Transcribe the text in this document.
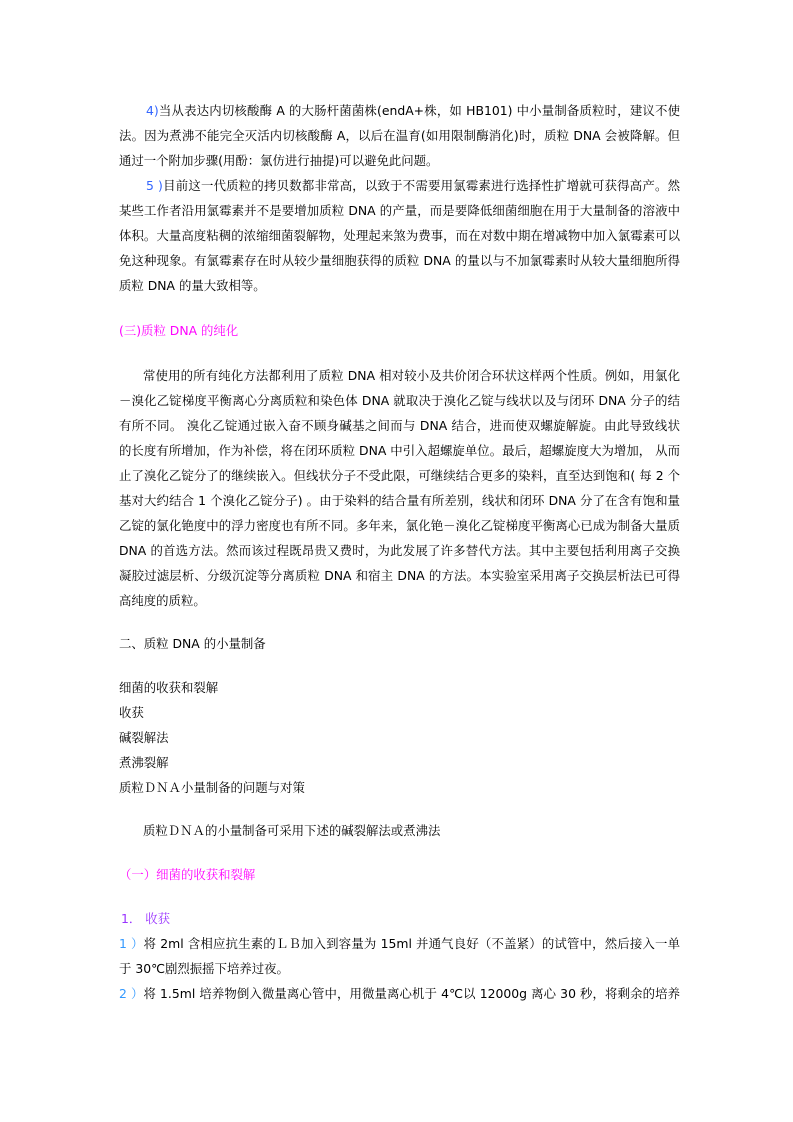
4)当从表达内切核酸酶 A 的大肠杆菌菌株(endA+株，如 HB101) 中小量制备质粒时，建议不使
法。因为煮沸不能完全灭活内切核酸酶 A，以后在温育(如用限制酶消化)时，质粒 DNA 会被降解。但
通过一个附加步骤(用酚：氯仿进行抽提)可以避免此问题。
5 )目前这一代质粒的拷贝数都非常高，以致于不需要用氯霉素进行选择性扩增就可获得高产。然
某些工作者沿用氯霉素并不是要增加质粒 DNA 的产量，而是要降低细菌细胞在用于大量制备的溶液中
体积。大量高度粘稠的浓缩细菌裂解物，处理起来煞为费事，而在对数中期在增减物中加入氯霉素可以
免这种现象。有氯霉素存在时从较少量细胞获得的质粒 DNA 的量以与不加氯霉素时从较大量细胞所得
质粒 DNA 的量大致相等。
(三)质粒 DNA 的纯化
常使用的所有纯化方法都利用了质粒 DNA 相对较小及共价闭合环状这样两个性质。例如，用氯化
－溴化乙锭梯度平衡离心分离质粒和染色体 DNA 就取决于溴化乙锭与线状以及与闭环 DNA 分子的结
有所不同。 溴化乙锭通过嵌入奋不顾身碱基之间而与 DNA 结合，进而使双螺旋解旋。由此导致线状
的长度有所增加，作为补偿，将在闭环质粒 DNA 中引入超螺旋单位。最后，超螺旋度大为增加， 从而
止了溴化乙锭分了的继续嵌入。但线状分子不受此限，可继续结合更多的染料，直至达到饱和( 每 2 个
基对大约结合 1 个溴化乙锭分子) 。由于染料的结合量有所差别，线状和闭环 DNA 分了在含有饱和量
乙锭的氯化铯度中的浮力密度也有所不同。多年来，氯化铯－溴化乙锭梯度平衡离心已成为制备大量质
DNA 的首选方法。然而该过程既昂贵又费时，为此发展了许多替代方法。其中主要包括利用离子交换
凝胶过滤层析、分级沉淀等分离质粒 DNA 和宿主 DNA 的方法。本实验室采用离子交换层析法已可得
高纯度的质粒。
二、质粒 DNA 的小量制备
细菌的收获和裂解
收获
碱裂解法
煮沸裂解
质粒ＤＮＡ小量制备的问题与对策
质粒ＤＮＡ的小量制备可采用下述的碱裂解法或煮沸法
（一）细菌的收获和裂解
1． 收获
1 ）将 2ml 含相应抗生素的ＬＢ加入到容量为 15ml 并通气良好（不盖紧）的试管中，然后接入一单
于 30℃剧烈振摇下培养过夜。
2 ）将 1.5ml 培养物倒入微量离心管中，用微量离心机于 4℃以 12000g 离心 30 秒，将剩余的培养
